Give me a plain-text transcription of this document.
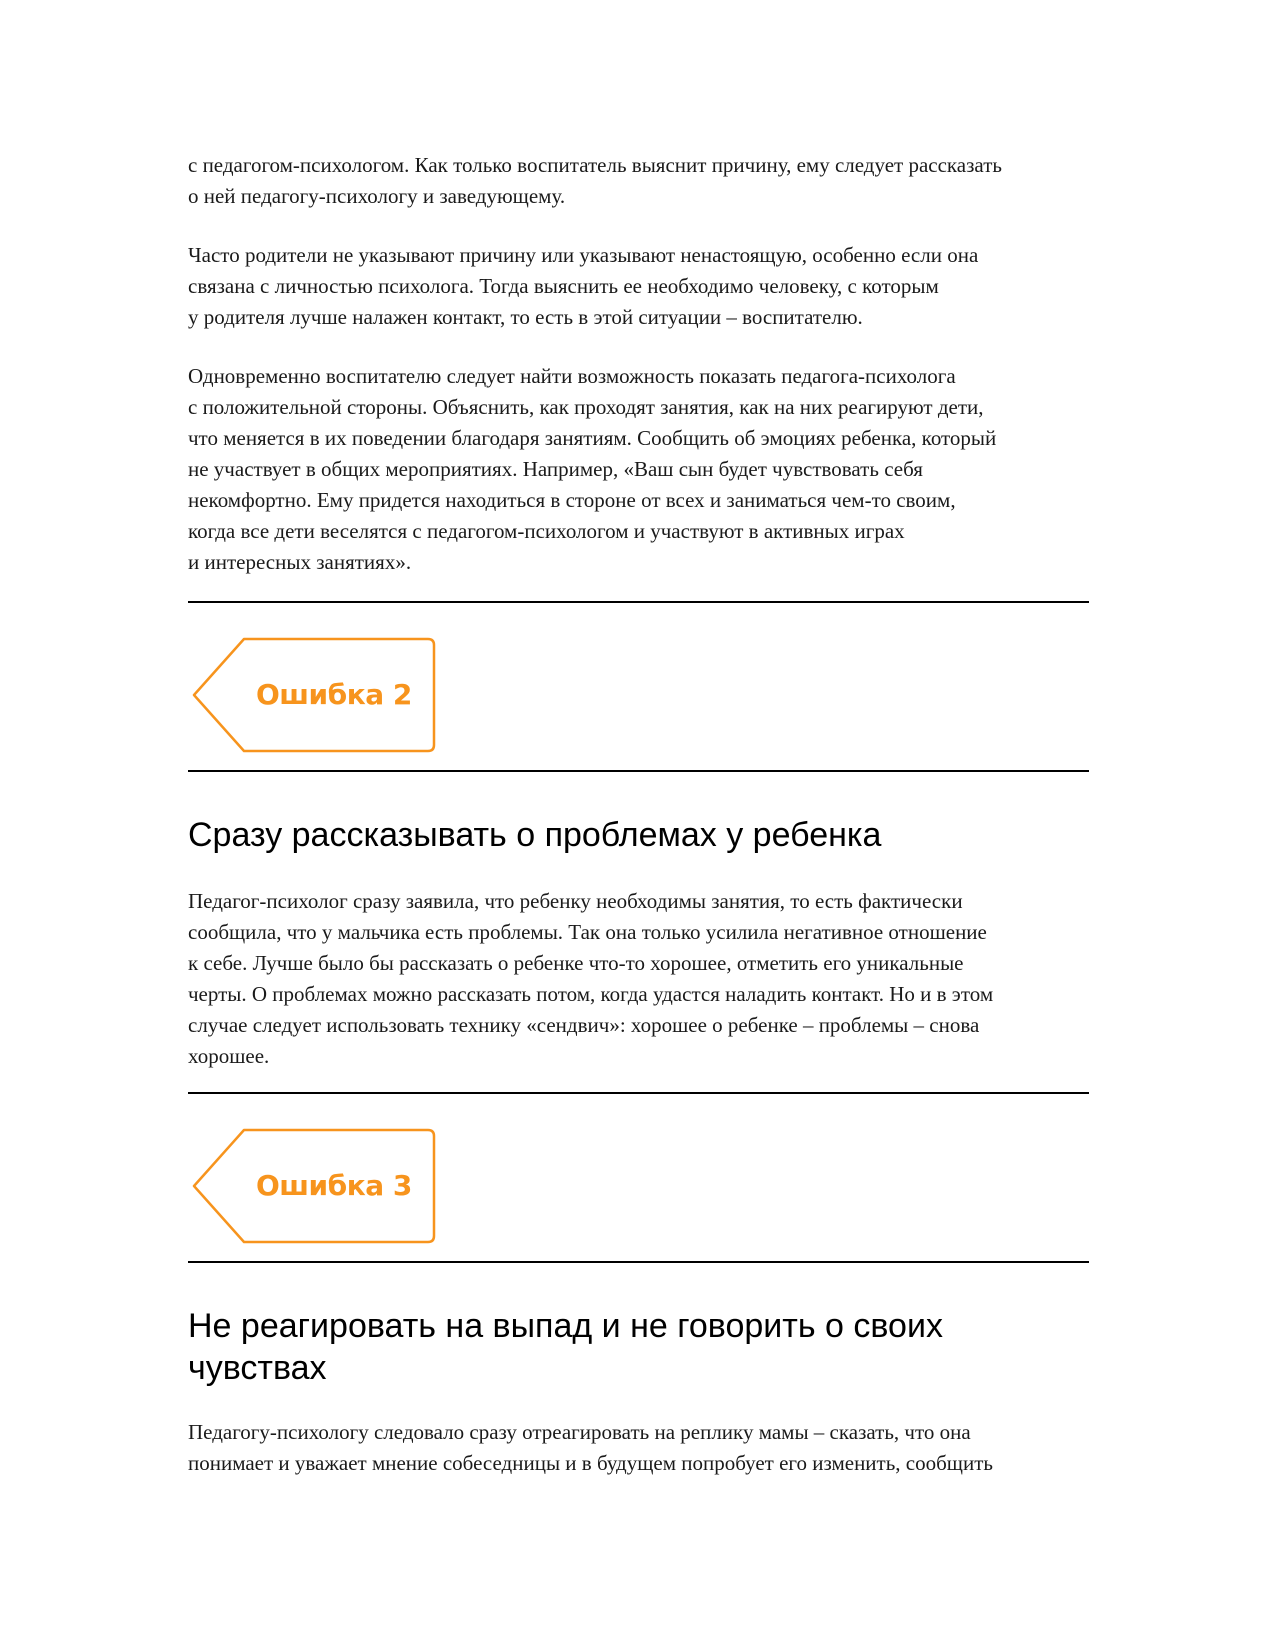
с педагогом-психологом. Как только воспитатель выяснит причину, ему следует рассказать
о ней педагогу-психологу и заведующему.

Часто родители не указывают причину или указывают ненастоящую, особенно если она
связана с личностью психолога. Тогда выяснить ее необходимо человеку, с которым
у родителя лучше налажен контакт, то есть в этой ситуации – воспитателю.

Одновременно воспитателю следует найти возможность показать педагога-психолога
с положительной стороны. Объяснить, как проходят занятия, как на них реагируют дети,
что меняется в их поведении благодаря занятиям. Сообщить об эмоциях ребенка, который
не участвует в общих мероприятиях. Например, «Ваш сын будет чувствовать себя
некомфортно. Ему придется находиться в стороне от всех и заниматься чем-то своим,
когда все дети веселятся с педагогом-психологом и участвуют в активных играх
и интересных занятиях».

Ошибка 2
Сразу рассказывать о проблемах у ребенка

Педагог-психолог сразу заявила, что ребенку необходимы занятия, то есть фактически
сообщила, что у мальчика есть проблемы. Так она только усилила негативное отношение
к себе. Лучше было бы рассказать о ребенке что-то хорошее, отметить его уникальные
черты. О проблемах можно рассказать потом, когда удастся наладить контакт. Но и в этом
случае следует использовать технику «сендвич»: хорошее о ребенке – проблемы – снова
хорошее.

Ошибка 3
Не реагировать на выпад и не говорить о своих
чувствах

Педагогу-психологу следовало сразу отреагировать на реплику мамы – сказать, что она
понимает и уважает мнение собеседницы и в будущем попробует его изменить, сообщить
